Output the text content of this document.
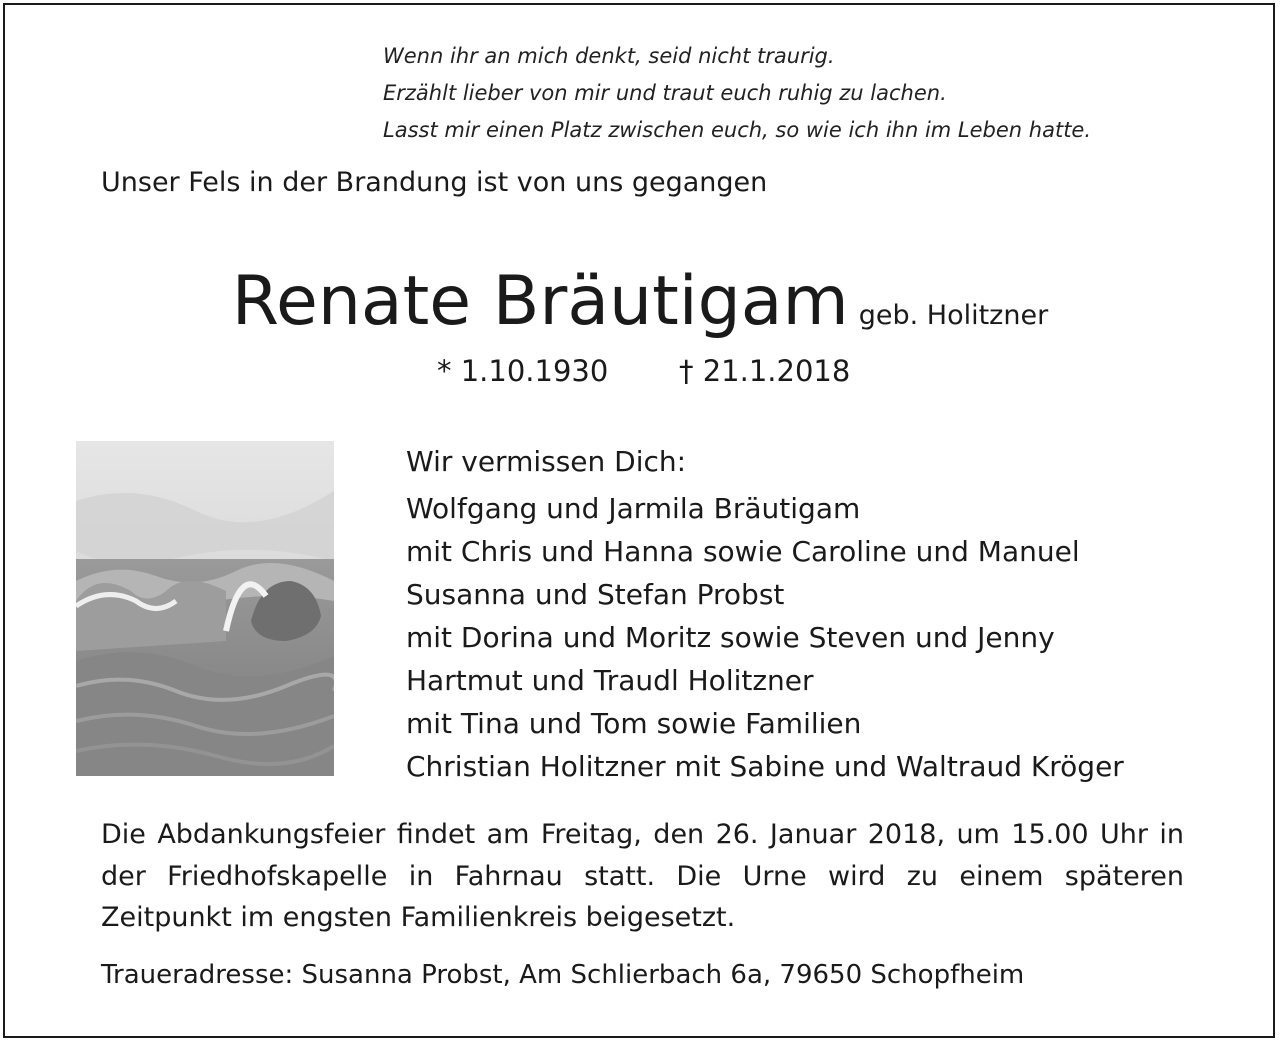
Wenn ihr an mich denkt, seid nicht traurig.
Erzählt lieber von mir und traut euch ruhig zu lachen.
Lasst mir einen Platz zwischen euch, so wie ich ihn im Leben hatte.
Unser Fels in der Brandung ist von uns gegangen
Renate Bräutigam geb. Holitzner
* 1.10.1930 † 21.1.2018
Wir vermissen Dich:
Wolfgang und Jarmila Bräutigam
mit Chris und Hanna sowie Caroline und Manuel
Susanna und Stefan Probst
mit Dorina und Moritz sowie Steven und Jenny
Hartmut und Traudl Holitzner
mit Tina und Tom sowie Familien
Christian Holitzner mit Sabine und Waltraud Kröger
Die Abdankungsfeier findet am Freitag, den 26. Januar 2018, um 15.00 Uhr in der Friedhofskapelle in Fahrnau statt. Die Urne wird zu einem späteren Zeitpunkt im engsten Familienkreis beigesetzt.
Traueradresse: Susanna Probst, Am Schlierbach 6a, 79650 Schopfheim
